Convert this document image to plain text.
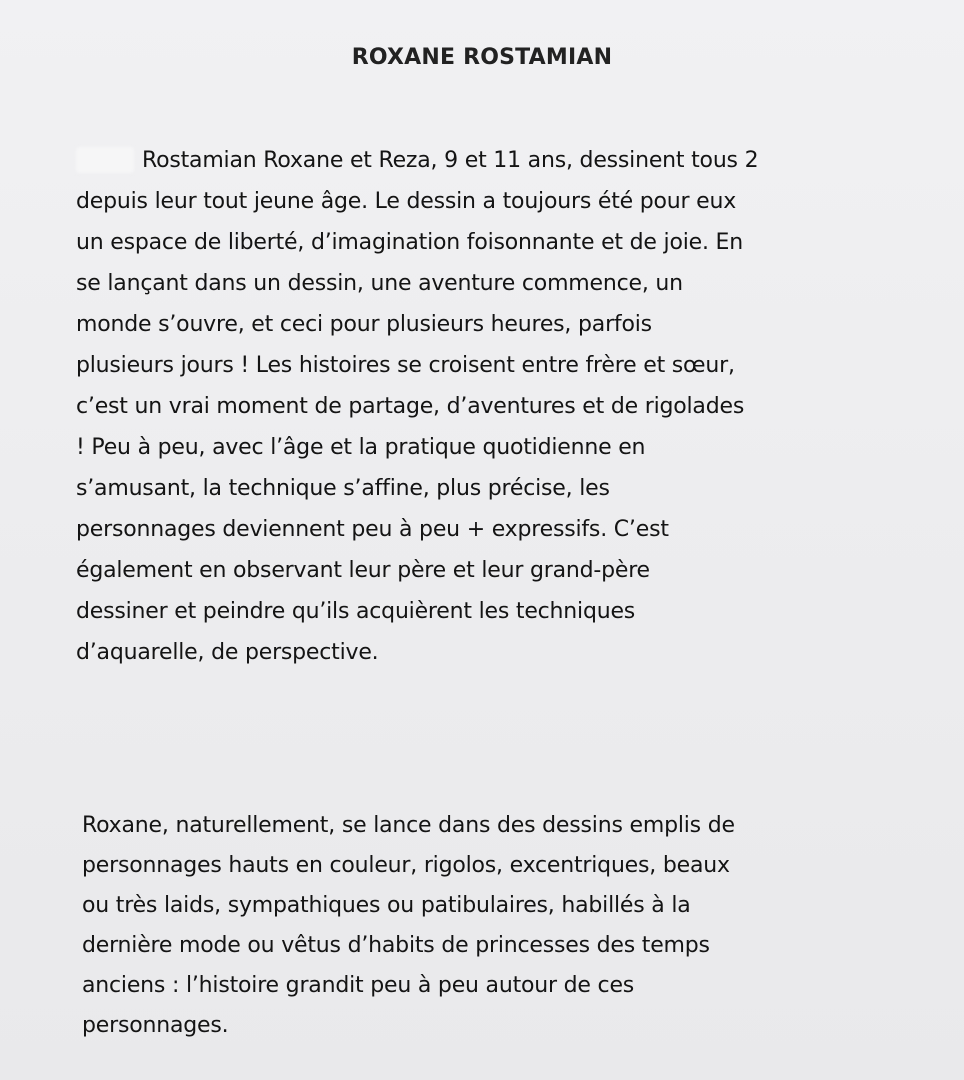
ROXANE ROSTAMIAN
Rostamian Roxane et Reza, 9 et 11 ans, dessinent tous 2
depuis leur tout jeune âge. Le dessin a toujours été pour eux
un espace de liberté, d’imagination foisonnante et de joie. En
se lançant dans un dessin, une aventure commence, un
monde s’ouvre, et ceci pour plusieurs heures, parfois
plusieurs jours ! Les histoires se croisent entre frère et sœur,
c’est un vrai moment de partage, d’aventures et de rigolades
! Peu à peu, avec l’âge et la pratique quotidienne en
s’amusant, la technique s’affine, plus précise, les
personnages deviennent peu à peu + expressifs. C’est
également en observant leur père et leur grand-père
dessiner et peindre qu’ils acquièrent les techniques
d’aquarelle, de perspective.
Roxane, naturellement, se lance dans des dessins emplis de
personnages hauts en couleur, rigolos, excentriques, beaux
ou très laids, sympathiques ou patibulaires, habillés à la
dernière mode ou vêtus d’habits de princesses des temps
anciens : l’histoire grandit peu à peu autour de ces
personnages.
